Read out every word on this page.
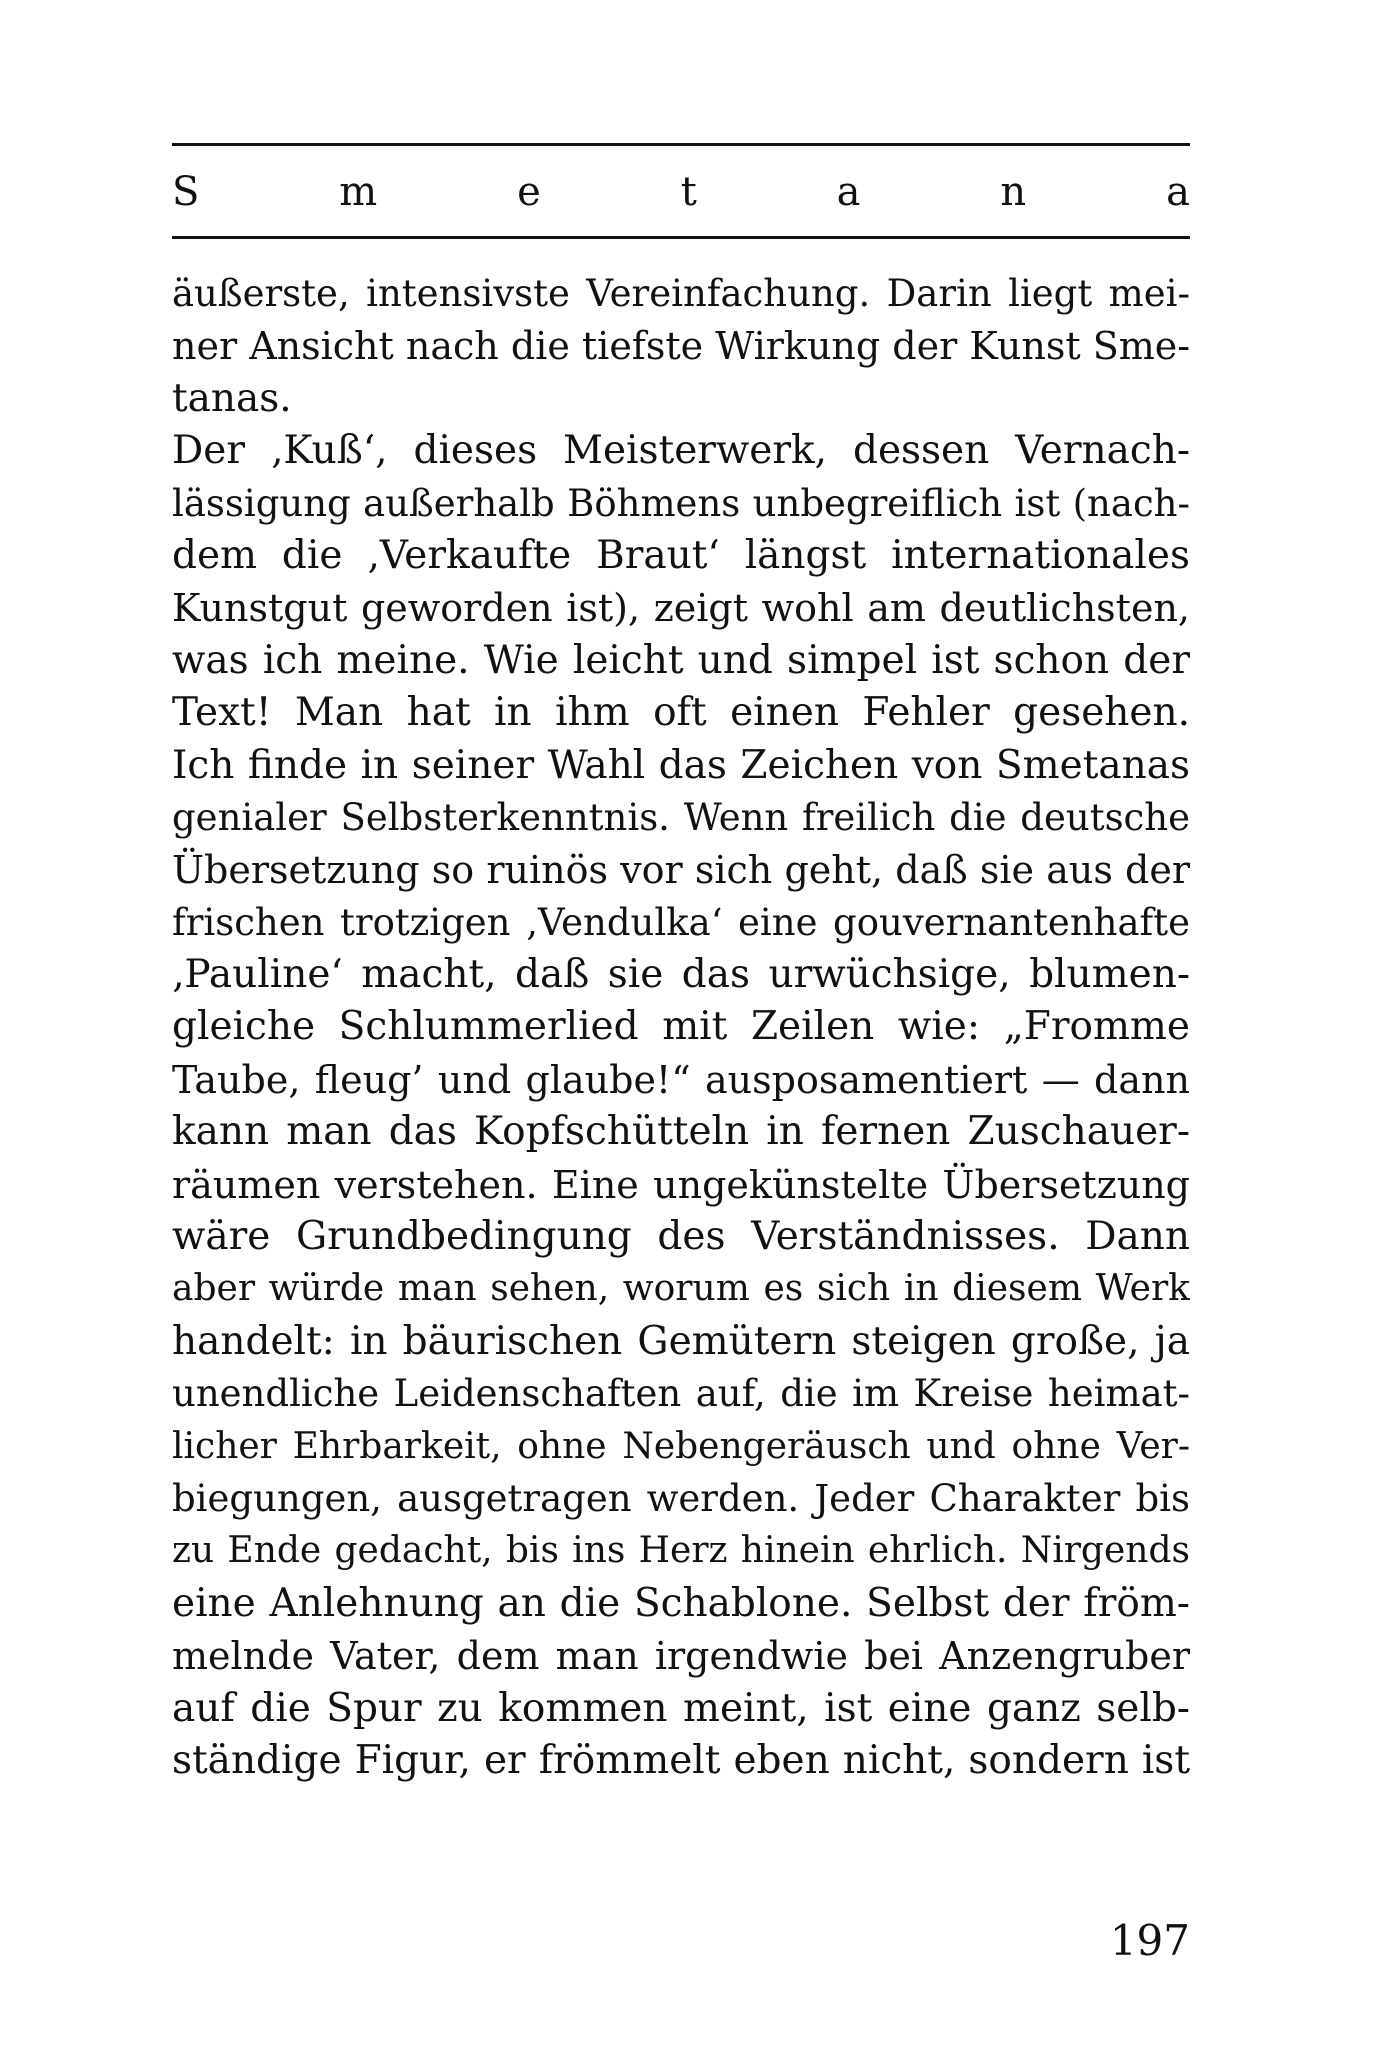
S	m	e	t	a	n	a
äußerste, intensivste Vereinfachung. Darin liegt mei-
ner Ansicht nach die tiefste Wirkung der Kunst Sme-
tanas.
Der ‚Kuß‘, dieses Meisterwerk, dessen Vernach-
lässigung außerhalb Böhmens unbegreiflich ist (nach-
dem die ‚Verkaufte Braut‘ längst internationales
Kunstgut geworden ist), zeigt wohl am deutlichsten,
was ich meine. Wie leicht und simpel ist schon der
Text! Man hat in ihm oft einen Fehler gesehen.
Ich finde in seiner Wahl das Zeichen von Smetanas
genialer Selbsterkenntnis. Wenn freilich die deutsche
Übersetzung so ruinös vor sich geht, daß sie aus der
frischen trotzigen ‚Vendulka‘ eine gouvernantenhafte
‚Pauline‘ macht, daß sie das urwüchsige, blumen-
gleiche Schlummerlied mit Zeilen wie: „Fromme
Taube, fleug’ und glaube!“ ausposamentiert — dann
kann man das Kopfschütteln in fernen Zuschauer-
räumen verstehen. Eine ungekünstelte Übersetzung
wäre Grundbedingung des Verständnisses. Dann
aber würde man sehen, worum es sich in diesem Werk
handelt: in bäurischen Gemütern steigen große, ja
unendliche Leidenschaften auf, die im Kreise heimat-
licher Ehrbarkeit, ohne Nebengeräusch und ohne Ver-
biegungen, ausgetragen werden. Jeder Charakter bis
zu Ende gedacht, bis ins Herz hinein ehrlich. Nirgends
eine Anlehnung an die Schablone. Selbst der fröm-
melnde Vater, dem man irgendwie bei Anzengruber
auf die Spur zu kommen meint, ist eine ganz selb-
ständige Figur, er frömmelt eben nicht, sondern ist
197
